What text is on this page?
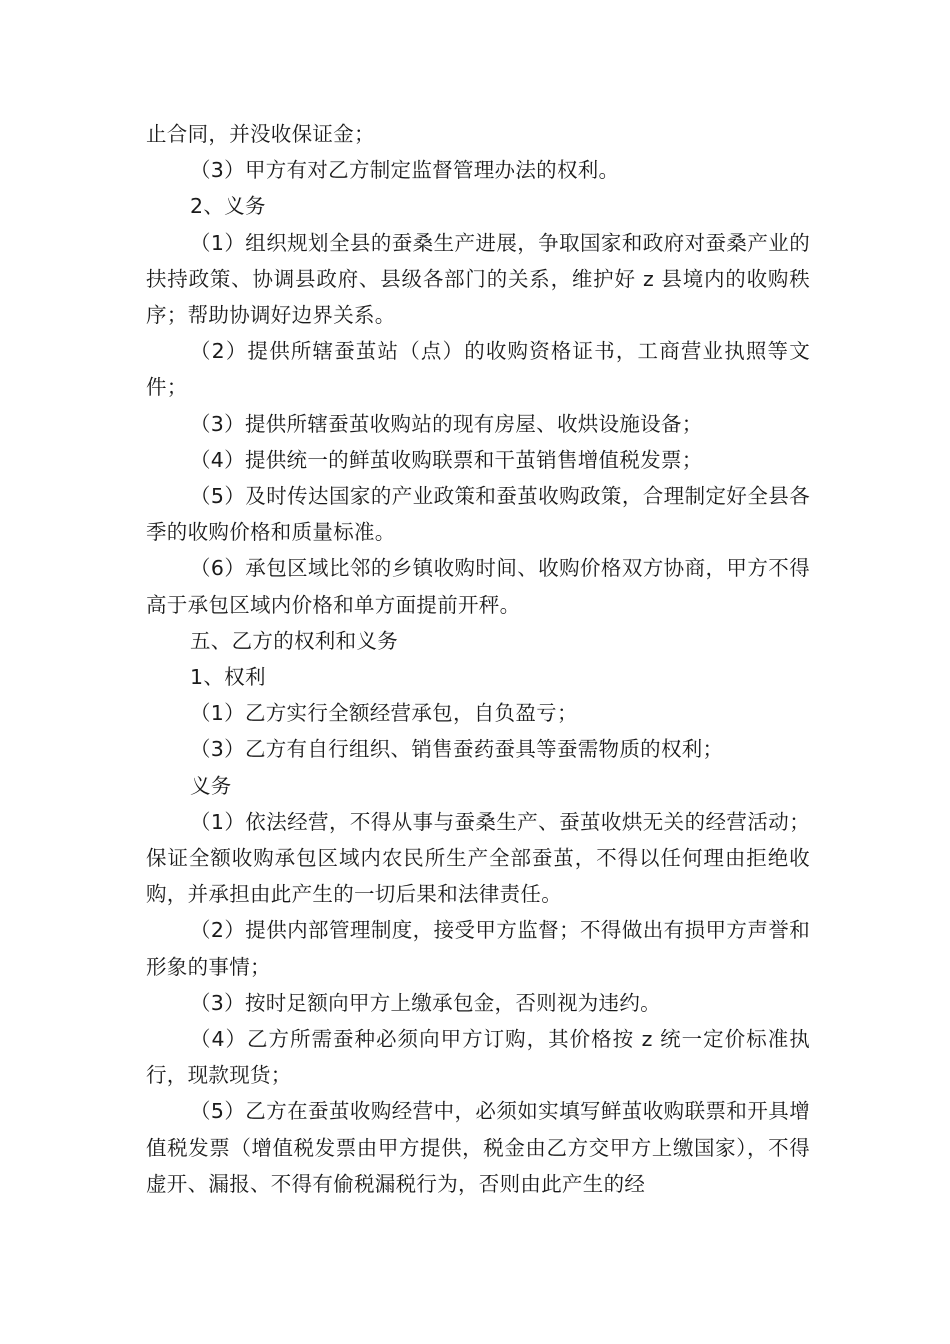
止合同，并没收保证金；

（3）甲方有对乙方制定监督管理办法的权利。

2、义务

（1）组织规划全县的蚕桑生产进展，争取国家和政府对蚕桑产业的扶持政策、协调县政府、县级各部门的关系，维护好 z 县境内的收购秩序；帮助协调好边界关系。

（2）提供所辖蚕茧站（点）的收购资格证书，工商营业执照等文件；

（3）提供所辖蚕茧收购站的现有房屋、收烘设施设备；

（4）提供统一的鲜茧收购联票和干茧销售增值税发票；

（5）及时传达国家的产业政策和蚕茧收购政策，合理制定好全县各季的收购价格和质量标准。

（6）承包区域比邻的乡镇收购时间、收购价格双方协商，甲方不得高于承包区域内价格和单方面提前开秤。

五、乙方的权利和义务

1、权利

（1）乙方实行全额经营承包，自负盈亏；

（3）乙方有自行组织、销售蚕药蚕具等蚕需物质的权利；

义务

（1）依法经营，不得从事与蚕桑生产、蚕茧收烘无关的经营活动；保证全额收购承包区域内农民所生产全部蚕茧，不得以任何理由拒绝收购，并承担由此产生的一切后果和法律责任。

（2）提供内部管理制度，接受甲方监督；不得做出有损甲方声誉和形象的事情；

（3）按时足额向甲方上缴承包金，否则视为违约。

（4）乙方所需蚕种必须向甲方订购，其价格按 z 统一定价标准执行，现款现货；

（5）乙方在蚕茧收购经营中，必须如实填写鲜茧收购联票和开具增值税发票（增值税发票由甲方提供，税金由乙方交甲方上缴国家），不得虚开、漏报、不得有偷税漏税行为，否则由此产生的经
